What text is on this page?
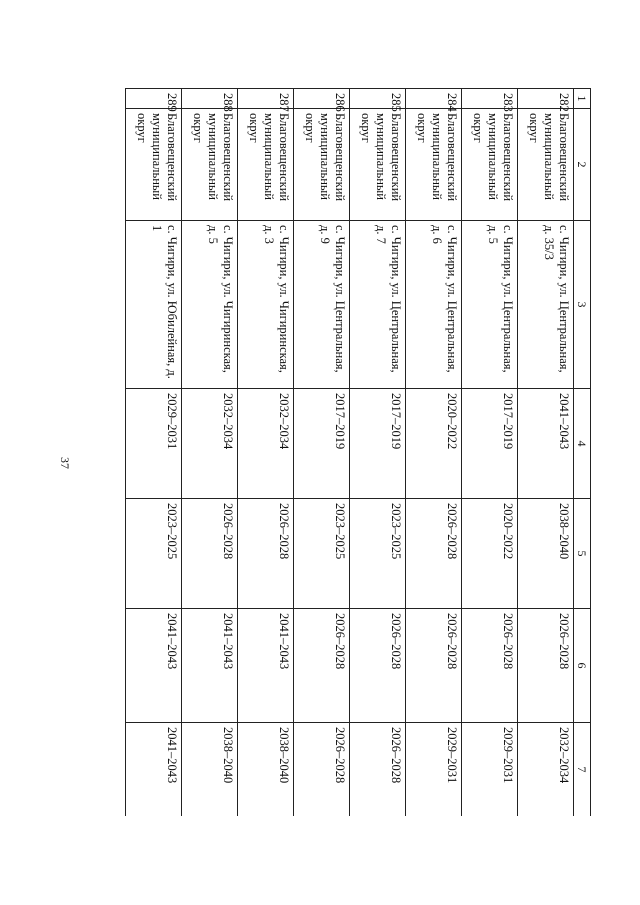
37
1	2	3	4	5	6	7
282	Благовещенский муниципальный округ	с. Чигири, ул. Центральная, д. 35/3	2041–2043	2038–2040	2026–2028	2032–2034
283	Благовещенский муниципальный округ	с. Чигири, ул. Центральная, д. 5	2017–2019	2020–2022	2026–2028	2029–2031
284	Благовещенский муниципальный округ	с. Чигири, ул. Центральная, д. 6	2020–2022	2026–2028	2026–2028	2029–2031
285	Благовещенский муниципальный округ	с. Чигири, ул. Центральная, д. 7	2017–2019	2023–2025	2026–2028	2026–2028
286	Благовещенский муниципальный округ	с. Чигири, ул. Центральная, д. 9	2017–2019	2023–2025	2026–2028	2026–2028
287	Благовещенский муниципальный округ	с. Чигири, ул. Чигиринская, д. 3	2032–2034	2026–2028	2041–2043	2038–2040
288	Благовещенский муниципальный округ	с. Чигири, ул. Чигиринская, д. 5	2032–2034	2026–2028	2041–2043	2038–2040
289	Благовещенский муниципальный округ	с. Чигири, ул. Юбилейная, д. 1	2029–2031	2023–2025	2041–2043	2041–2043
